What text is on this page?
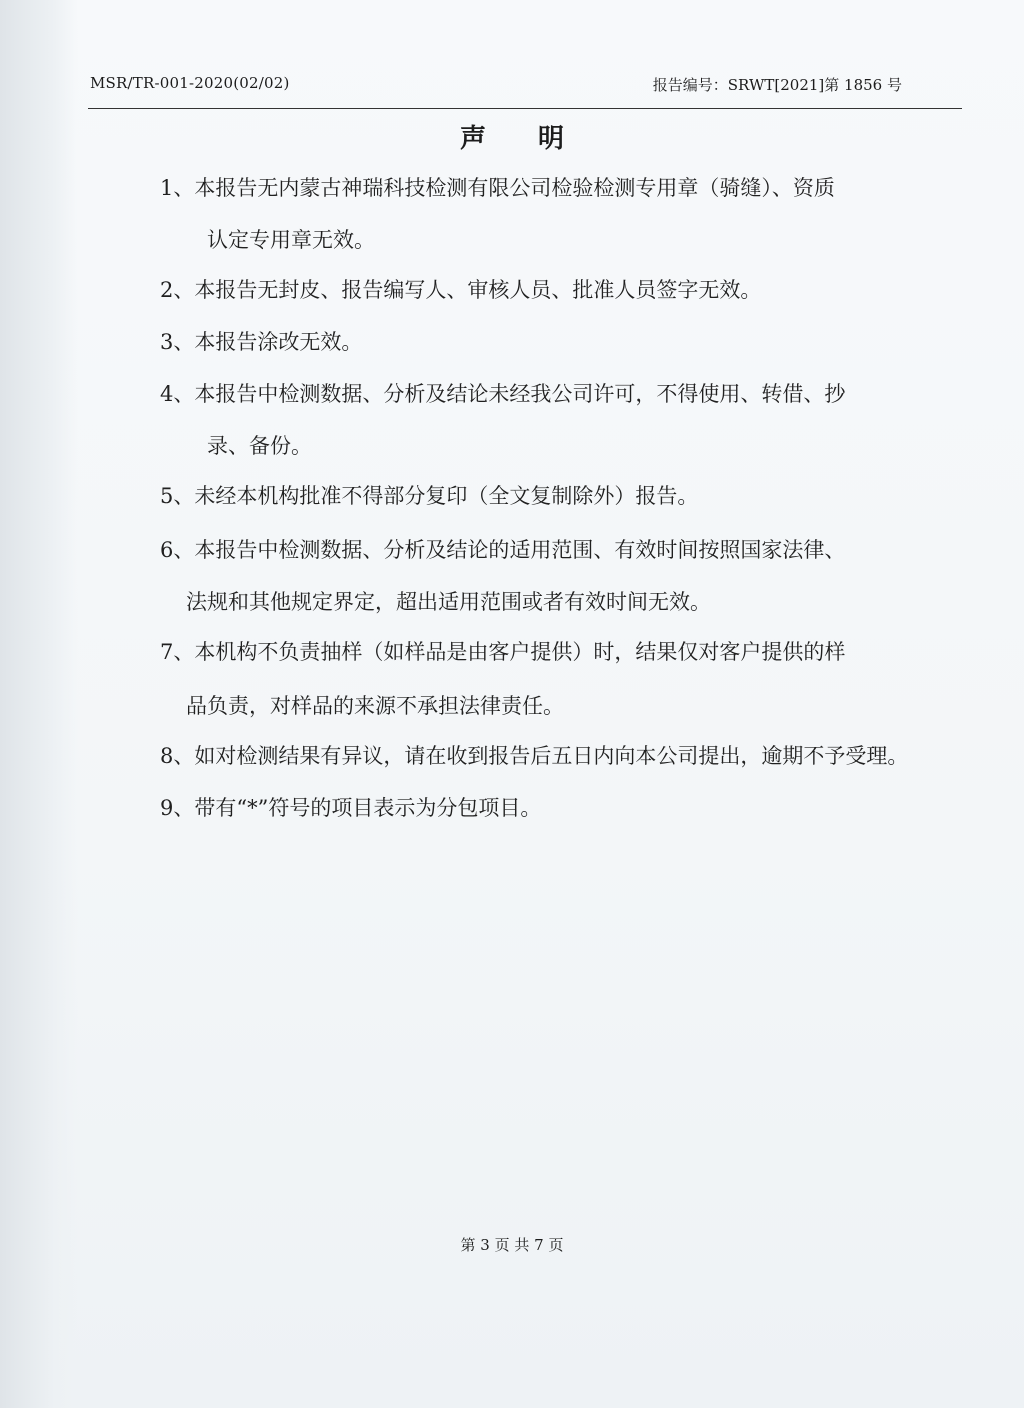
MSR/TR-001-2020(02/02)	报告编号：SRWT[2021]第 1856 号
声明
1、本报告无内蒙古神瑞科技检测有限公司检验检测专用章（骑缝）、资质
认定专用章无效。
2、本报告无封皮、报告编写人、审核人员、批准人员签字无效。
3、本报告涂改无效。
4、本报告中检测数据、分析及结论未经我公司许可，不得使用、转借、抄
录、备份。
5、未经本机构批准不得部分复印（全文复制除外）报告。
6、本报告中检测数据、分析及结论的适用范围、有效时间按照国家法律、
法规和其他规定界定，超出适用范围或者有效时间无效。
7、本机构不负责抽样（如样品是由客户提供）时，结果仅对客户提供的样
品负责，对样品的来源不承担法律责任。
8、如对检测结果有异议，请在收到报告后五日内向本公司提出，逾期不予受理。
9、带有“*”符号的项目表示为分包项目。
第 3 页 共 7 页
